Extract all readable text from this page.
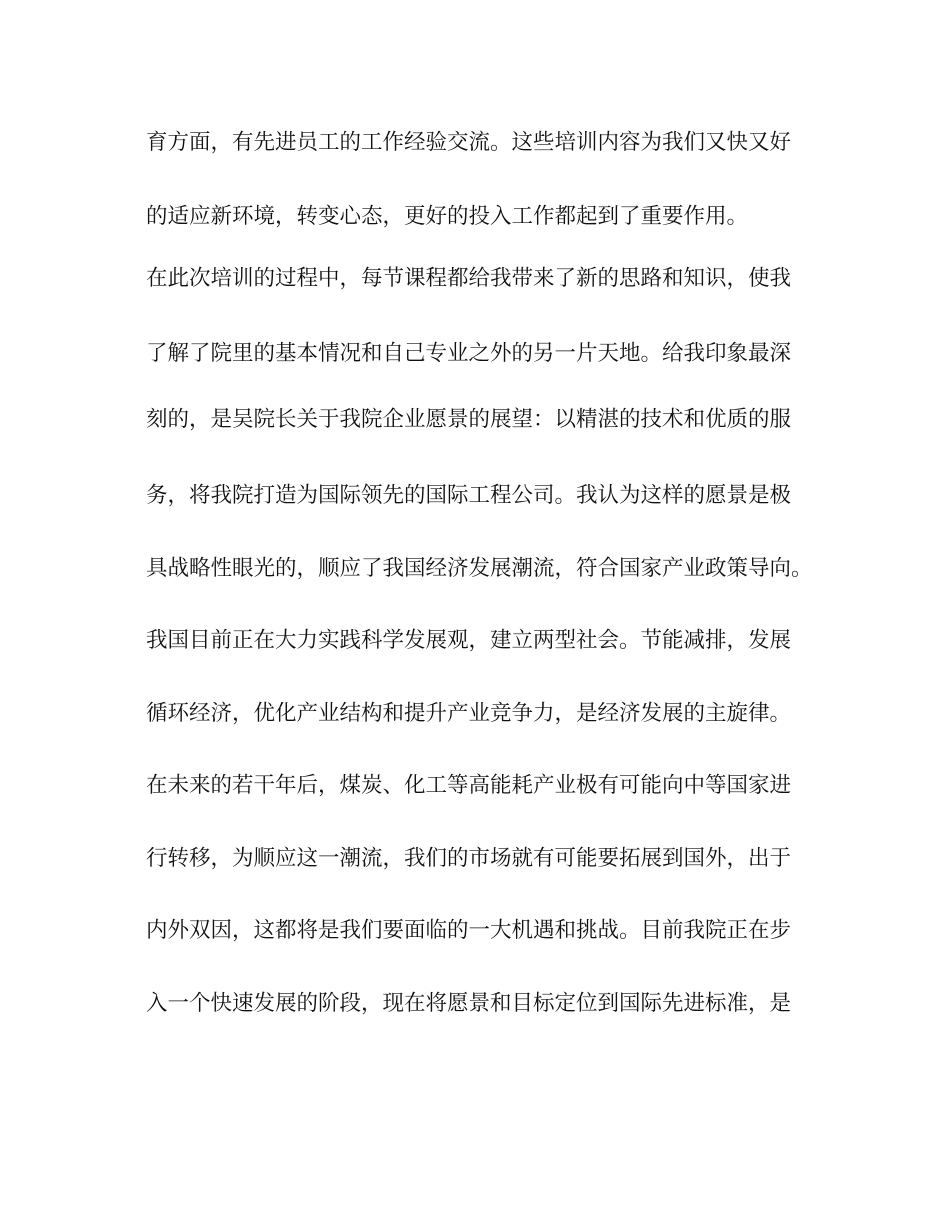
育方面，有先进员工的工作经验交流。这些培训内容为我们又快又好
的适应新环境，转变心态，更好的投入工作都起到了重要作用。
在此次培训的过程中，每节课程都给我带来了新的思路和知识，使我
了解了院里的基本情况和自己专业之外的另一片天地。给我印象最深
刻的，是吴院长关于我院企业愿景的展望：以精湛的技术和优质的服
务，将我院打造为国际领先的国际工程公司。我认为这样的愿景是极
具战略性眼光的，顺应了我国经济发展潮流，符合国家产业政策导向。
我国目前正在大力实践科学发展观，建立两型社会。节能减排，发展
循环经济，优化产业结构和提升产业竞争力，是经济发展的主旋律。
在未来的若干年后，煤炭、化工等高能耗产业极有可能向中等国家进
行转移，为顺应这一潮流，我们的市场就有可能要拓展到国外，出于
内外双因，这都将是我们要面临的一大机遇和挑战。目前我院正在步
入一个快速发展的阶段，现在将愿景和目标定位到国际先进标准，是
